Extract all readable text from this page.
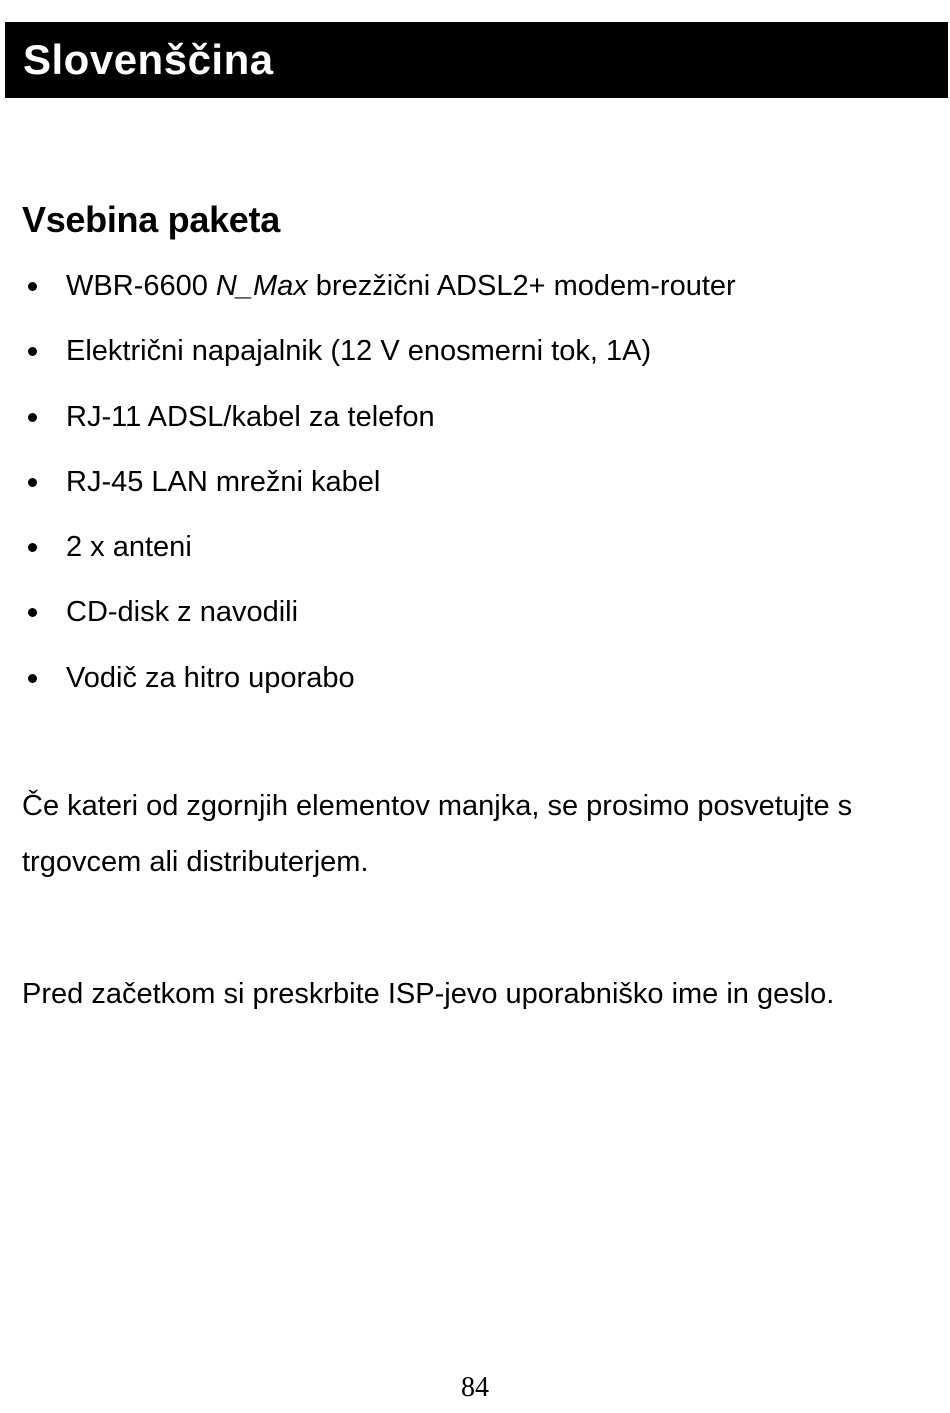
Slovenščina
Vsebina paketa
WBR-6600 N_Max brezžični ADSL2+ modem-router
Električni napajalnik (12 V enosmerni tok, 1A)
RJ-11 ADSL/kabel za telefon
RJ-45 LAN mrežni kabel
2 x anteni
CD-disk z navodili
Vodič za hitro uporabo

Če kateri od zgornjih elementov manjka, se prosimo posvetujte s trgovcem ali distributerjem.

Pred začetkom si preskrbite ISP-jevo uporabniško ime in geslo.

84
